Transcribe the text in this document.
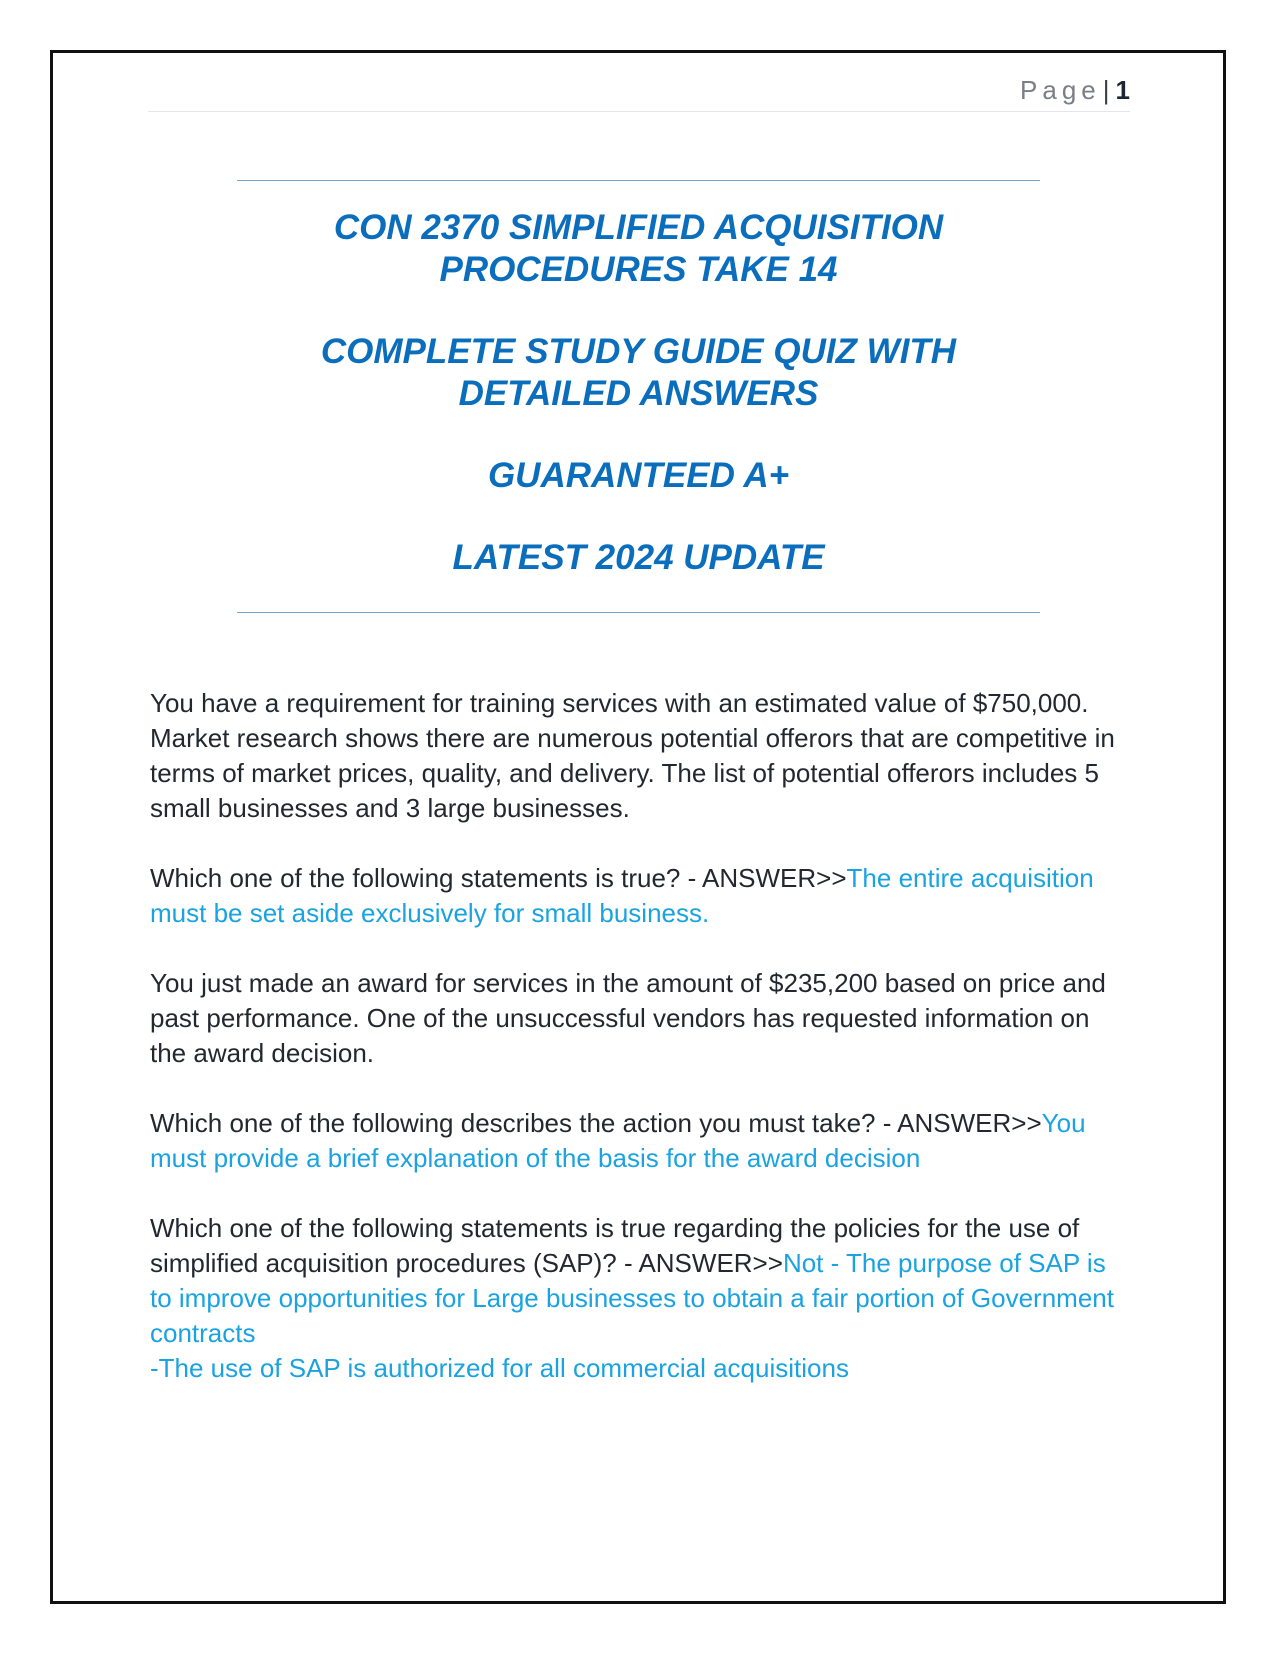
Page| 1
CON 2370 SIMPLIFIED ACQUISITION PROCEDURES TAKE 14
COMPLETE STUDY GUIDE QUIZ WITH DETAILED ANSWERS
GUARANTEED A+
LATEST 2024 UPDATE

You have a requirement for training services with an estimated value of $750,000. Market research shows there are numerous potential offerors that are competitive in terms of market prices, quality, and delivery. The list of potential offerors includes 5 small businesses and 3 large businesses.

Which one of the following statements is true? - ANSWER>>The entire acquisition must be set aside exclusively for small business.

You just made an award for services in the amount of $235,200 based on price and past performance. One of the unsuccessful vendors has requested information on the award decision.

Which one of the following describes the action you must take? - ANSWER>>You must provide a brief explanation of the basis for the award decision

Which one of the following statements is true regarding the policies for the use of simplified acquisition procedures (SAP)? - ANSWER>>Not - The purpose of SAP is to improve opportunities for Large businesses to obtain a fair portion of Government contracts
-The use of SAP is authorized for all commercial acquisitions
